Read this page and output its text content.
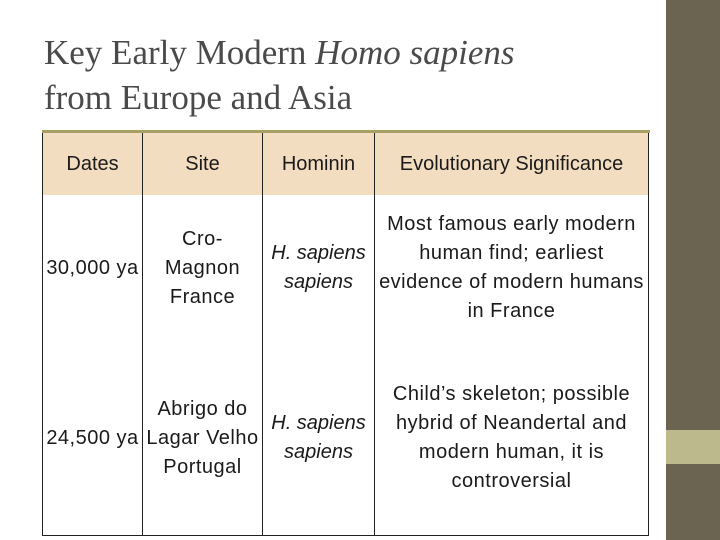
Key Early Modern Homo sapiens
from Europe and Asia
Dates	Site	Hominin	Evolutionary Significance
30,000 ya	Cro-Magnon France	H. sapiens sapiens	Most famous early modern human find; earliest evidence of modern humans in France
24,500 ya	Abrigo do Lagar Velho Portugal	H. sapiens sapiens	Child’s skeleton; possible hybrid of Neandertal and modern human, it is controversial
